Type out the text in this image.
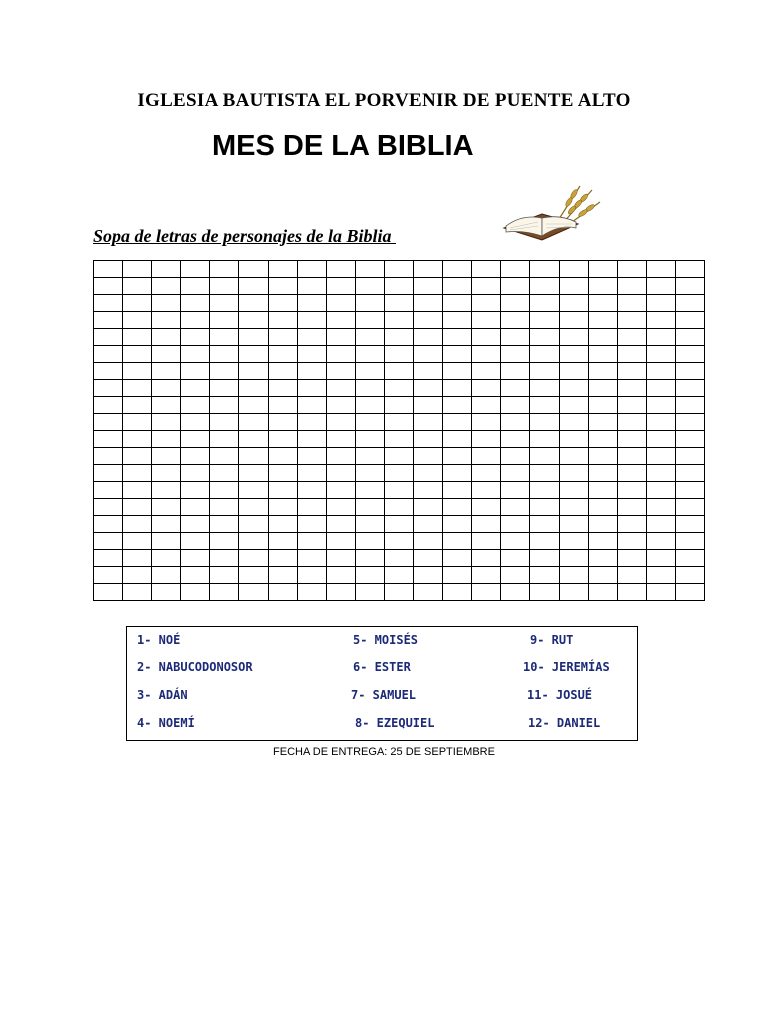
IGLESIA BAUTISTA EL PORVENIR DE PUENTE ALTO
MES DE LA BIBLIA
Sopa de letras de personajes de la Biblia

1- NOÉ
2- NABUCODONOSOR
3- ADÁN
4- NOEMÍ
5- MOISÉS
6- ESTER
7- SAMUEL
8- EZEQUIEL
9- RUT
10- JEREMÍAS
11- JOSUÉ
12- DANIEL
FECHA DE ENTREGA: 25 DE SEPTIEMBRE
